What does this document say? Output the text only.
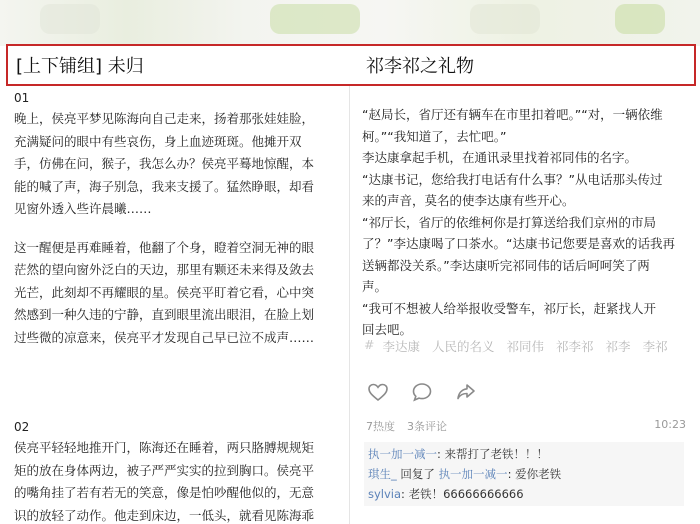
[上下铺组] 未归	祁李祁之礼物
01
晚上，侯亮平梦见陈海向自己走来，扬着那张娃娃脸，
充满疑问的眼中有些哀伤，身上血迹斑斑。他摊开双
手，仿佛在问，猴子，我怎么办？侯亮平蓦地惊醒，本
能的喊了声，海子别急，我来支援了。猛然睁眼，却看
见窗外透入些许晨曦……
这一醒便是再难睡着，他翻了个身，瞪着空洞无神的眼
茫然的望向窗外泛白的天边，那里有颗还未来得及敛去
光芒，此刻却不再耀眼的星。侯亮平盯着它看，心中突
然感到一种久违的宁静，直到眼里流出眼泪，在脸上划
过些微的凉意来，侯亮平才发现自己早已泣不成声……
02
侯亮平轻轻地推开门，陈海还在睡着，两只胳膊规规矩
矩的放在身体两边，被子严严实实的拉到胸口。侯亮平
的嘴角挂了若有若无的笑意，像是怕吵醒他似的，无意
识的放轻了动作。他走到床边，一低头，就看见陈海乖
“赵局长，省厅还有辆车在市里扣着吧。”“对，一辆依维
柯。”“我知道了，去忙吧。”
李达康拿起手机，在通讯录里找着祁同伟的名字。
“达康书记，您给我打电话有什么事？”从电话那头传过
来的声音，莫名的使李达康有些开心。
“祁厅长，省厅的依维柯你是打算送给我们京州的市局
了？”李达康喝了口茶水。“达康书记您要是喜欢的话我再
送辆都没关系。”李达康听完祁同伟的话后呵呵笑了两
声。
“我可不想被人给举报收受警车，祁厅长，赶紧找人开
回去吧。
# 李达康 人民的名义 祁同伟 祁李祁 祁李 李祁
7热度 3条评论	10:23
执一加一减一: 来帮打了老铁！！！
琪生_ 回复了 执一加一减一: 爱你老铁
sylvia: 老铁！66666666666
